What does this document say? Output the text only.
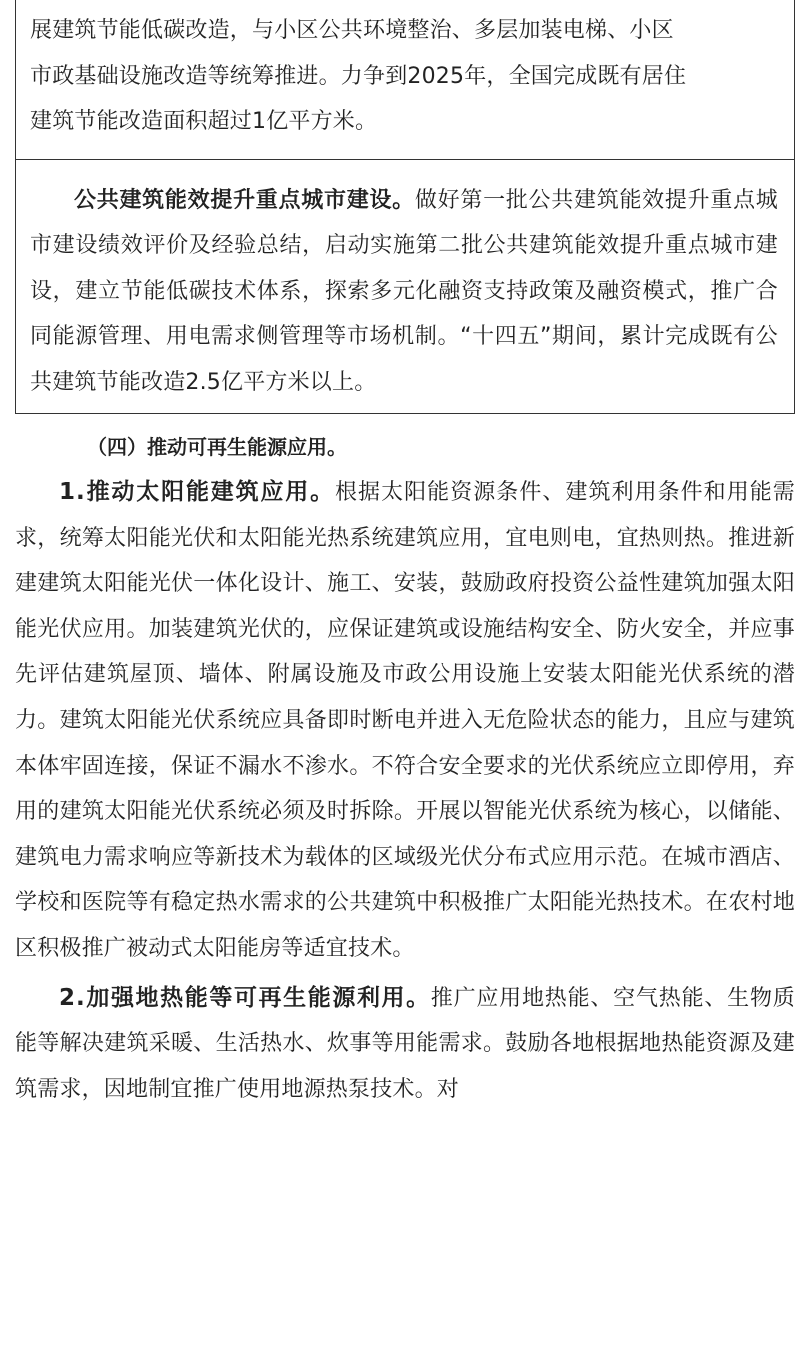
展建筑节能低碳改造，与小区公共环境整治、多层加装电梯、小区

市政基础设施改造等统筹推进。力争到2025年，全国完成既有居住

建筑节能改造面积超过1亿平方米。

公共建筑能效提升重点城市建设。做好第一批公共建筑能效提升重点城市建设绩效评价及经验总结，启动实施第二批公共建筑能效提升重点城市建设，建立节能低碳技术体系，探索多元化融资支持政策及融资模式，推广合同能源管理、用电需求侧管理等市场机制。“十四五”期间，累计完成既有公共建筑节能改造2.5亿平方米以上。

（四）推动可再生能源应用。

1.推动太阳能建筑应用。根据太阳能资源条件、建筑利用条件和用能需求，统筹太阳能光伏和太阳能光热系统建筑应用，宜电则电，宜热则热。推进新建建筑太阳能光伏一体化设计、施工、安装，鼓励政府投资公益性建筑加强太阳能光伏应用。加装建筑光伏的，应保证建筑或设施结构安全、防火安全，并应事先评估建筑屋顶、墙体、附属设施及市政公用设施上安装太阳能光伏系统的潜力。建筑太阳能光伏系统应具备即时断电并进入无危险状态的能力，且应与建筑本体牢固连接，保证不漏水不渗水。不符合安全要求的光伏系统应立即停用，弃用的建筑太阳能光伏系统必须及时拆除。开展以智能光伏系统为核心，以储能、建筑电力需求响应等新技术为载体的区域级光伏分布式应用示范。在城市酒店、学校和医院等有稳定热水需求的公共建筑中积极推广太阳能光热技术。在农村地区积极推广被动式太阳能房等适宜技术。

2.加强地热能等可再生能源利用。推广应用地热能、空气热能、生物质能等解决建筑采暖、生活热水、炊事等用能需求。鼓励各地根据地热能资源及建筑需求，因地制宜推广使用地源热泵技术。对
